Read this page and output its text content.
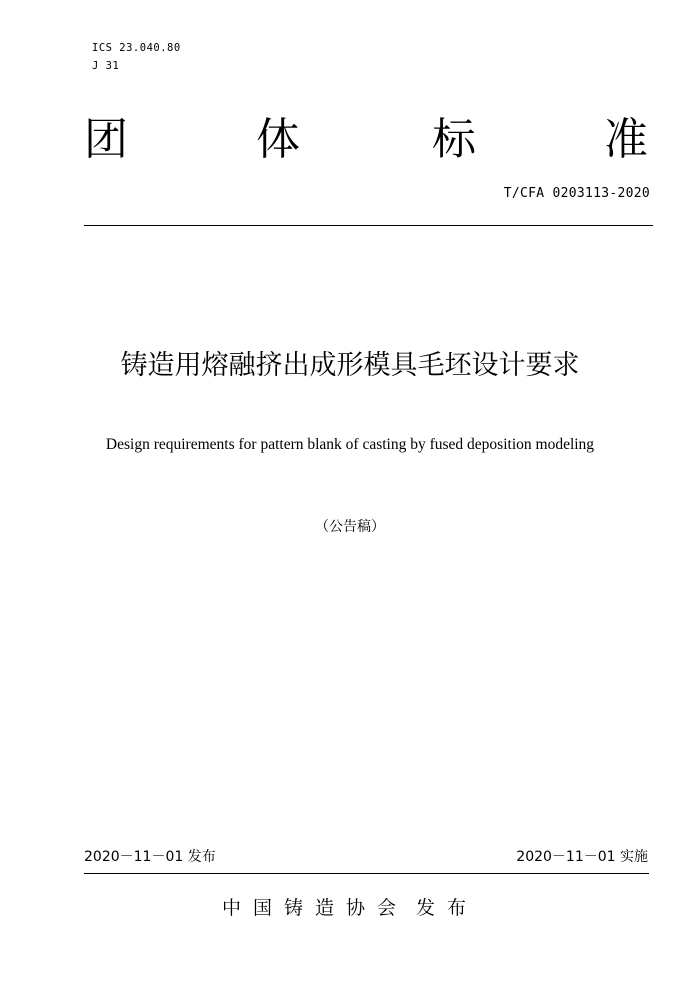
ICS 23.040.80
J 31
团	体	标	准
T/CFA 0203113-2020
铸造用熔融挤出成形模具毛坯设计要求
Design requirements for pattern blank of casting by fused deposition modeling
（公告稿）
2020－11－01 发布	2020－11－01 实施
中国铸造协会 发布
